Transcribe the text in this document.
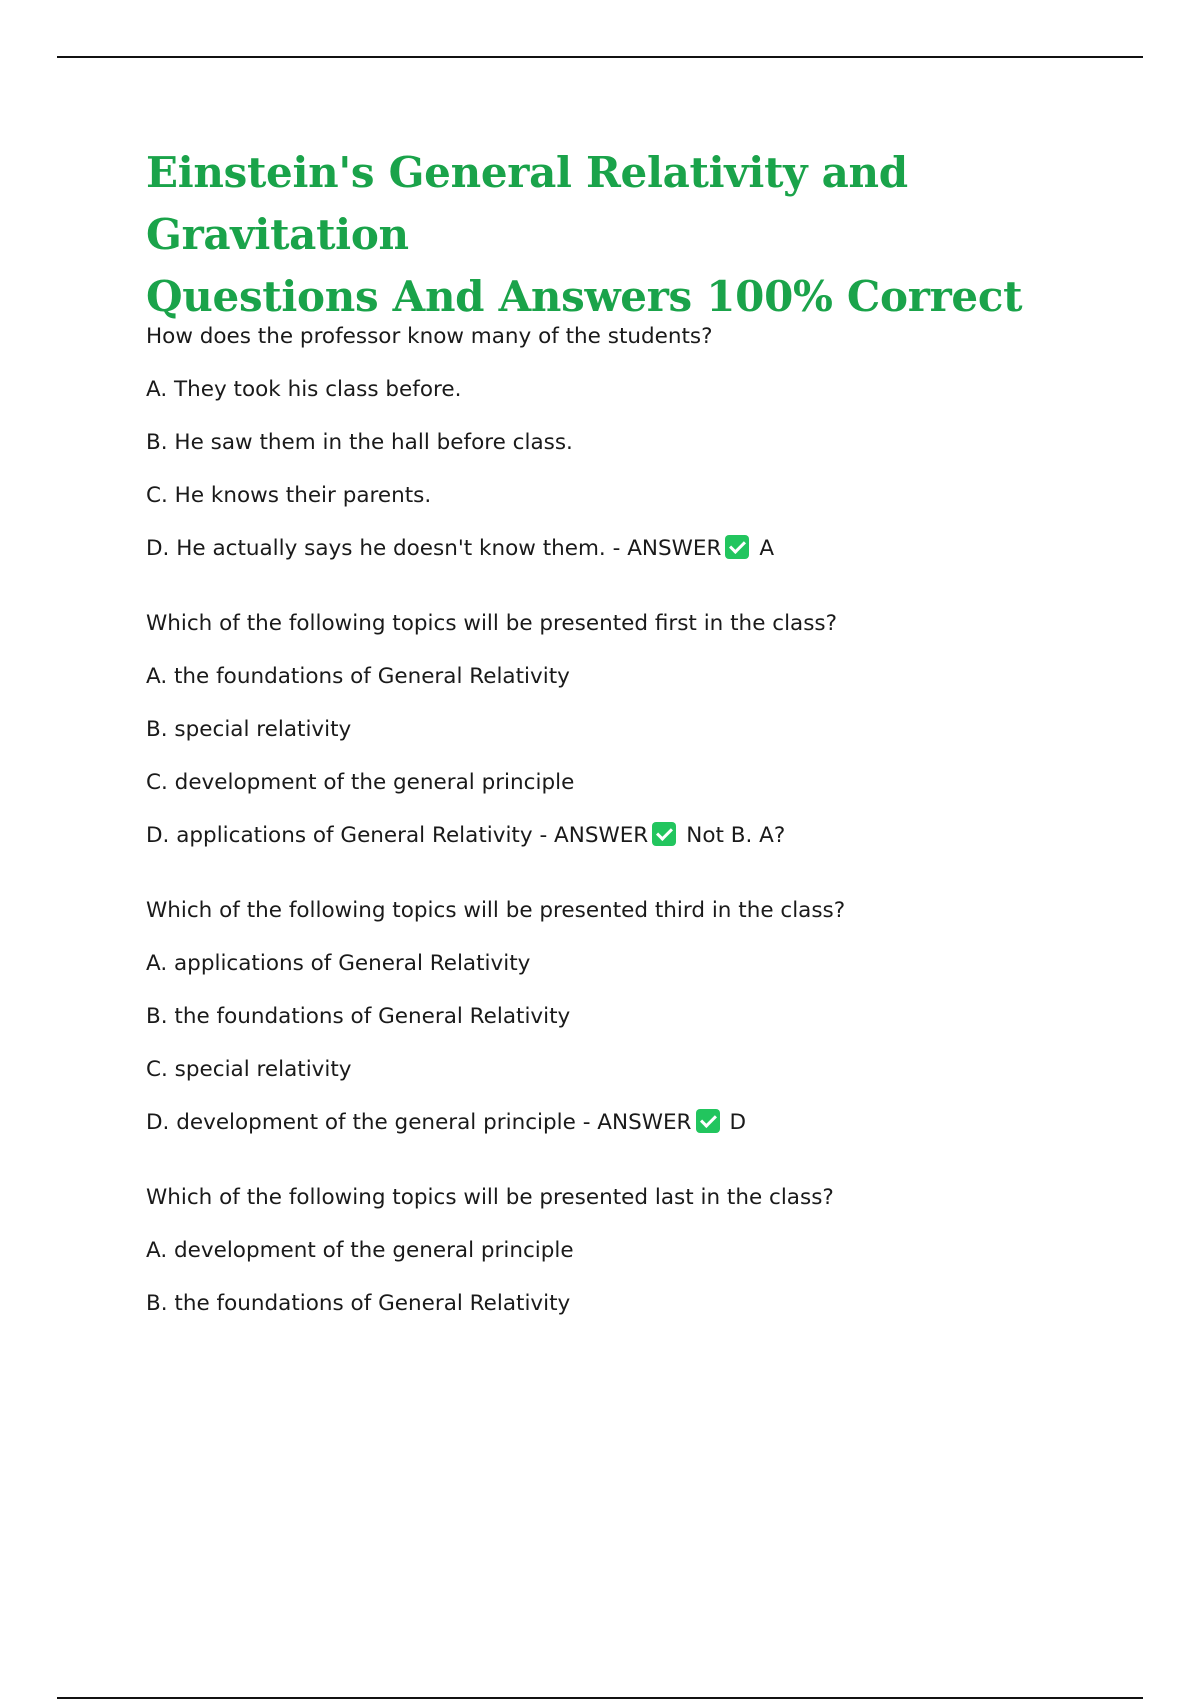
Einstein's General Relativity and Gravitation
Questions And Answers 100% Correct
How does the professor know many of the students?
A. They took his class before.
B. He saw them in the hall before class.
C. He knows their parents.
D. He actually says he doesn't know them. - ANSWER A
Which of the following topics will be presented first in the class?
A. the foundations of General Relativity
B. special relativity
C. development of the general principle
D. applications of General Relativity - ANSWER Not B. A?
Which of the following topics will be presented third in the class?
A. applications of General Relativity
B. the foundations of General Relativity
C. special relativity
D. development of the general principle - ANSWER D
Which of the following topics will be presented last in the class?
A. development of the general principle
B. the foundations of General Relativity
